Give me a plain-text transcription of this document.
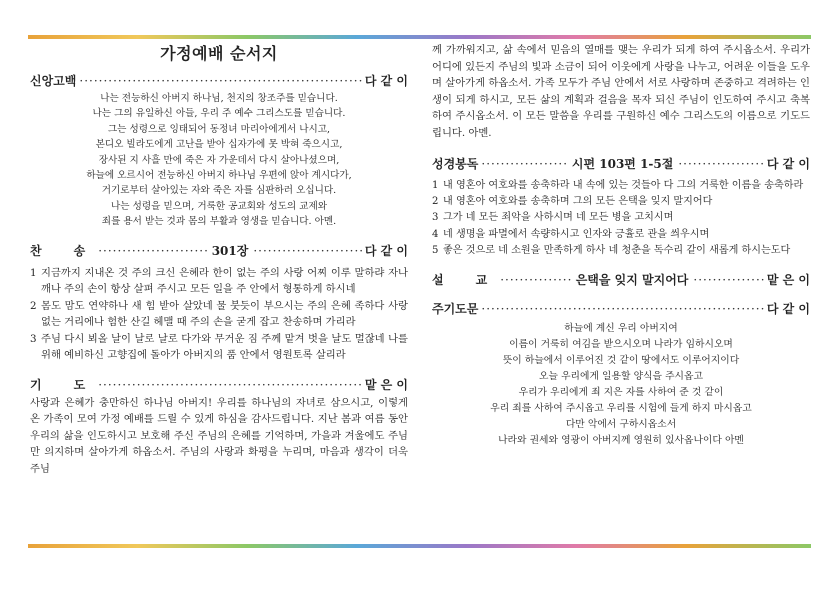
가정예배 순서지
신앙고백 ·····	다 같 이
나는 전능하신 아버지 하나님, 천지의 창조주를 믿습니다.
나는 그의 유일하신 아들, 우리 주 예수 그리스도를 믿습니다.
그는 성령으로 잉태되어 동정녀 마리아에게서 나시고,
본디오 빌라도에게 고난을 받아 십자가에 못 박혀 죽으시고,
장사된 지 사흘 만에 죽은 자 가운데서 다시 살아나셨으며,
하늘에 오르시어 전능하신 아버지 하나님 우편에 앉아 계시다가,
거기로부터 살아있는 자와 죽은 자를 심판하러 오십니다.
나는 성령을 믿으며, 거룩한 공교회와 성도의 교제와
죄를 용서 받는 것과 몸의 부활과 영생을 믿습니다. 아멘.
찬　송 ·····	301장 ·····	다 같 이
1 지금까지 지내온 것 주의 크신 은혜라 한이 없는 주의 사랑 어찌 이루 말하랴 자나 깨나 주의 손이 항상 살펴 주시고 모든 일을 주 안에서 형통하게 하시네
2 몸도 맘도 연약하나 새 힘 받아 살았네 물 붓듯이 부으시는 주의 은혜 족하다 사랑 없는 거리에나 험한 산길 헤맬 때 주의 손을 굳게 잡고 찬송하며 가리라
3 주님 다시 뵈올 날이 날로 날로 다가와 무거운 짐 주께 맡겨 벗을 날도 멀잖네 나를 위해 예비하신 고향집에 돌아가 아버지의 품 안에서 영원토록 살리라
기　도 ·····	맡 은 이
사랑과 은혜가 충만하신 하나님 아버지! 우리를 하나님의 자녀로 삼으시고, 이렇게 온 가족이 모여 가정 예배를 드릴 수 있게 하심을 감사드립니다. 지난 봄과 여름 동안 우리의 삶을 인도하시고 보호해 주신 주님의 은혜를 기억하며, 가을과 겨울에도 주님만 의지하며 살아가게 하옵소서. 주님의 사랑과 화평을 누리며, 마음과 생각이 더욱 주님
께 가까워지고, 삶 속에서 믿음의 열매를 맺는 우리가 되게 하여 주시옵소서. 우리가 어디에 있든지 주님의 빛과 소금이 되어 이웃에게 사랑을 나누고, 어려운 이들을 도우며 살아가게 하옵소서. 가족 모두가 주님 안에서 서로 사랑하며 존중하고 격려하는 인생이 되게 하시고, 모든 삶의 계획과 걸음을 목자 되신 주님이 인도하여 주시고 축복하여 주시옵소서. 이 모든 말씀을 우리를 구원하신 예수 그리스도의 이름으로 기도드립니다. 아멘.
성경봉독 ·····	시편 103편 1-5절 ·····	다 같 이
1 내 영혼아 여호와를 송축하라 내 속에 있는 것들아 다 그의 거룩한 이름을 송축하라
2 내 영혼아 여호와를 송축하며 그의 모든 은택을 잊지 말지어다
3 그가 네 모든 죄악을 사하시며 네 모든 병을 고치시며
4 네 생명을 파멸에서 속량하시고 인자와 긍휼로 관을 씌우시며
5 좋은 것으로 네 소원을 만족하게 하사 네 청춘을 독수리 같이 새롭게 하시는도다
설　교 ·····	은택을 잊지 말지어다 ·····	맡 은 이
주기도문 ·····	다 같 이
하늘에 계신 우리 아버지여
이름이 거룩히 여김을 받으시오며 나라가 임하시오며
뜻이 하늘에서 이루어진 것 같이 땅에서도 이루어지이다
오늘 우리에게 일용할 양식을 주시옵고
우리가 우리에게 죄 지은 자를 사하여 준 것 같이
우리 죄를 사하여 주시옵고 우리를 시험에 들게 하지 마시옵고
다만 악에서 구하시옵소서
나라와 권세와 영광이 아버지께 영원히 있사옵나이다 아멘
